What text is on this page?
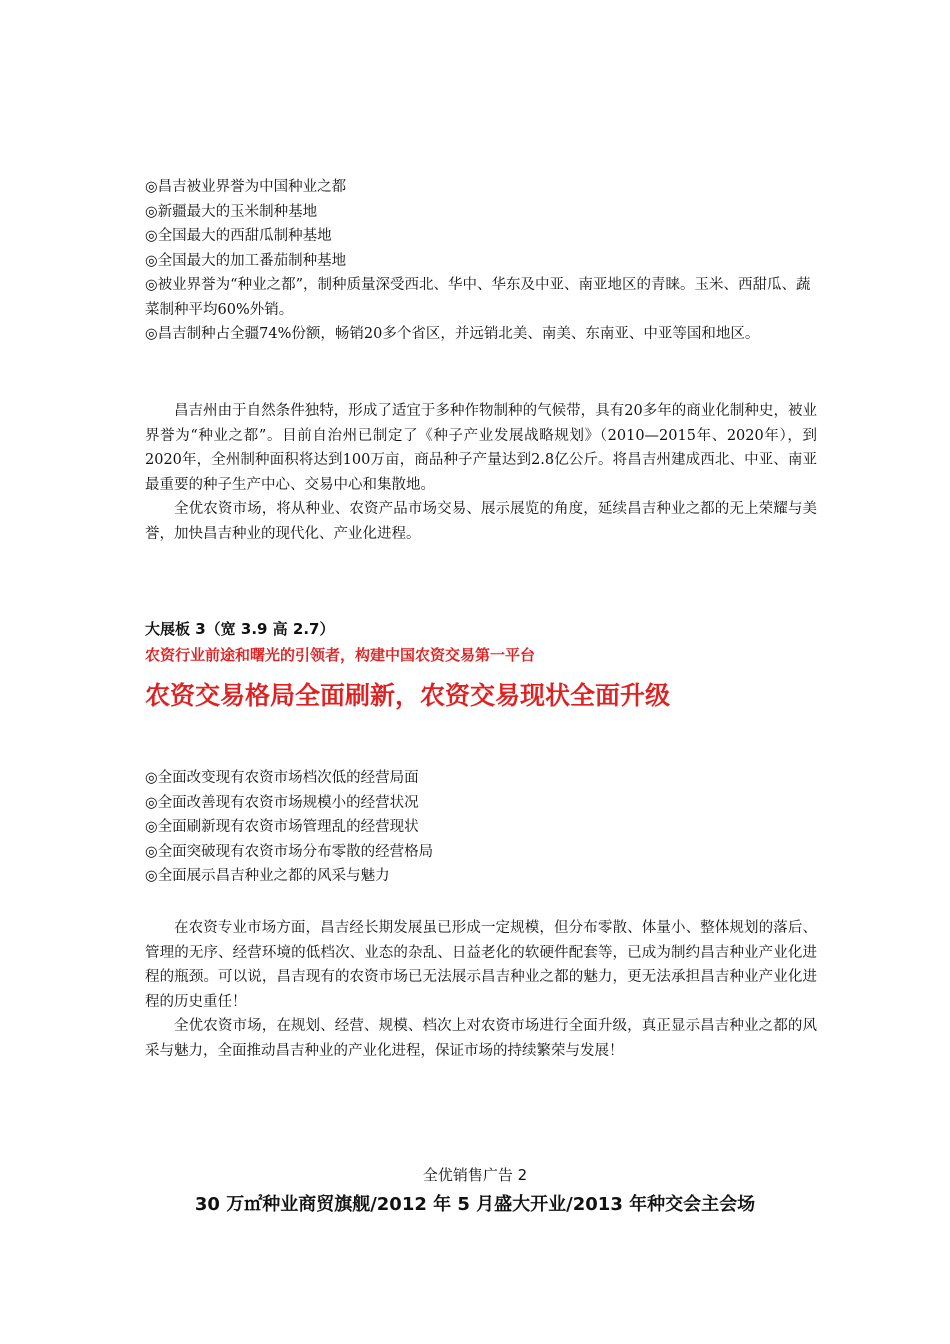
◎昌吉被业界誉为中国种业之都
◎新疆最大的玉米制种基地
◎全国最大的西甜瓜制种基地
◎全国最大的加工番茄制种基地
◎被业界誉为“种业之都”，制种质量深受西北、华中、华东及中亚、南亚地区的青睐。玉米、西甜瓜、蔬菜制种平均60%外销。
◎昌吉制种占全疆74%份额，畅销20多个省区，并远销北美、南美、东南亚、中亚等国和地区。

昌吉州由于自然条件独特，形成了适宜于多种作物制种的气候带，具有20多年的商业化制种史，被业界誉为“种业之都”。目前自治州已制定了《种子产业发展战略规划》（2010—2015年、2020年），到2020年，全州制种面积将达到100万亩，商品种子产量达到2.8亿公斤。将昌吉州建成西北、中亚、南亚最重要的种子生产中心、交易中心和集散地。

全优农资市场，将从种业、农资产品市场交易、展示展览的角度，延续昌吉种业之都的无上荣耀与美誉，加快昌吉种业的现代化、产业化进程。

大展板 3（宽 3.9 高 2.7）
农资行业前途和曙光的引领者，构建中国农资交易第一平台
农资交易格局全面刷新，农资交易现状全面升级
◎全面改变现有农资市场档次低的经营局面
◎全面改善现有农资市场规模小的经营状况
◎全面刷新现有农资市场管理乱的经营现状
◎全面突破现有农资市场分布零散的经营格局
◎全面展示昌吉种业之都的风采与魅力

在农资专业市场方面，昌吉经长期发展虽已形成一定规模，但分布零散、体量小、整体规划的落后、管理的无序、经营环境的低档次、业态的杂乱、日益老化的软硬件配套等，已成为制约昌吉种业产业化进程的瓶颈。可以说，昌吉现有的农资市场已无法展示昌吉种业之都的魅力，更无法承担昌吉种业产业化进程的历史重任！

全优农资市场，在规划、经营、规模、档次上对农资市场进行全面升级，真正显示昌吉种业之都的风采与魅力，全面推动昌吉种业的产业化进程，保证市场的持续繁荣与发展！

全优销售广告 2
30 万㎡种业商贸旗舰/2012 年 5 月盛大开业/2013 年种交会主会场
